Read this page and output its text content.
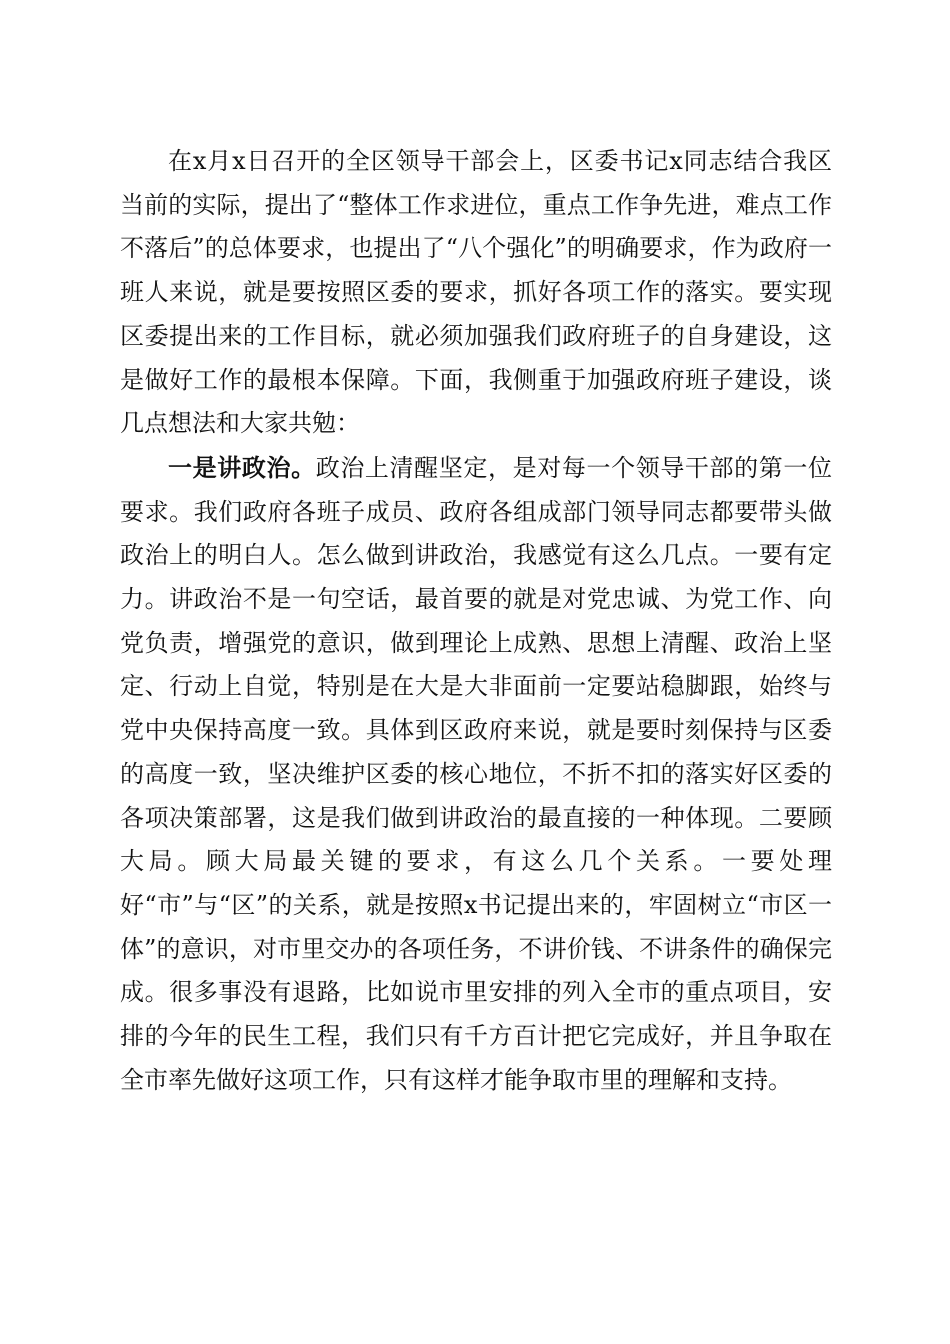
在x月x日召开的全区领导干部会上，区委书记x同志结合我区当前的实际，提出了“整体工作求进位，重点工作争先进，难点工作不落后”的总体要求，也提出了“八个强化”的明确要求，作为政府一班人来说，就是要按照区委的要求，抓好各项工作的落实。要实现区委提出来的工作目标，就必须加强我们政府班子的自身建设，这是做好工作的最根本保障。下面，我侧重于加强政府班子建设，谈几点想法和大家共勉：

一是讲政治。政治上清醒坚定，是对每一个领导干部的第一位要求。我们政府各班子成员、政府各组成部门领导同志都要带头做政治上的明白人。怎么做到讲政治，我感觉有这么几点。一要有定力。讲政治不是一句空话，最首要的就是对党忠诚、为党工作、向党负责，增强党的意识，做到理论上成熟、思想上清醒、政治上坚定、行动上自觉，特别是在大是大非面前一定要站稳脚跟，始终与党中央保持高度一致。具体到区政府来说，就是要时刻保持与区委的高度一致，坚决维护区委的核心地位，不折不扣的落实好区委的各项决策部署，这是我们做到讲政治的最直接的一种体现。二要顾大局。顾大局最关键的要求，有这么几个关系。一要处理好“市”与“区”的关系，就是按照x书记提出来的，牢固树立“市区一体”的意识，对市里交办的各项任务，不讲价钱、不讲条件的确保完成。很多事没有退路，比如说市里安排的列入全市的重点项目，安排的今年的民生工程，我们只有千方百计把它完成好，并且争取在全市率先做好这项工作，只有这样才能争取市里的理解和支持。
